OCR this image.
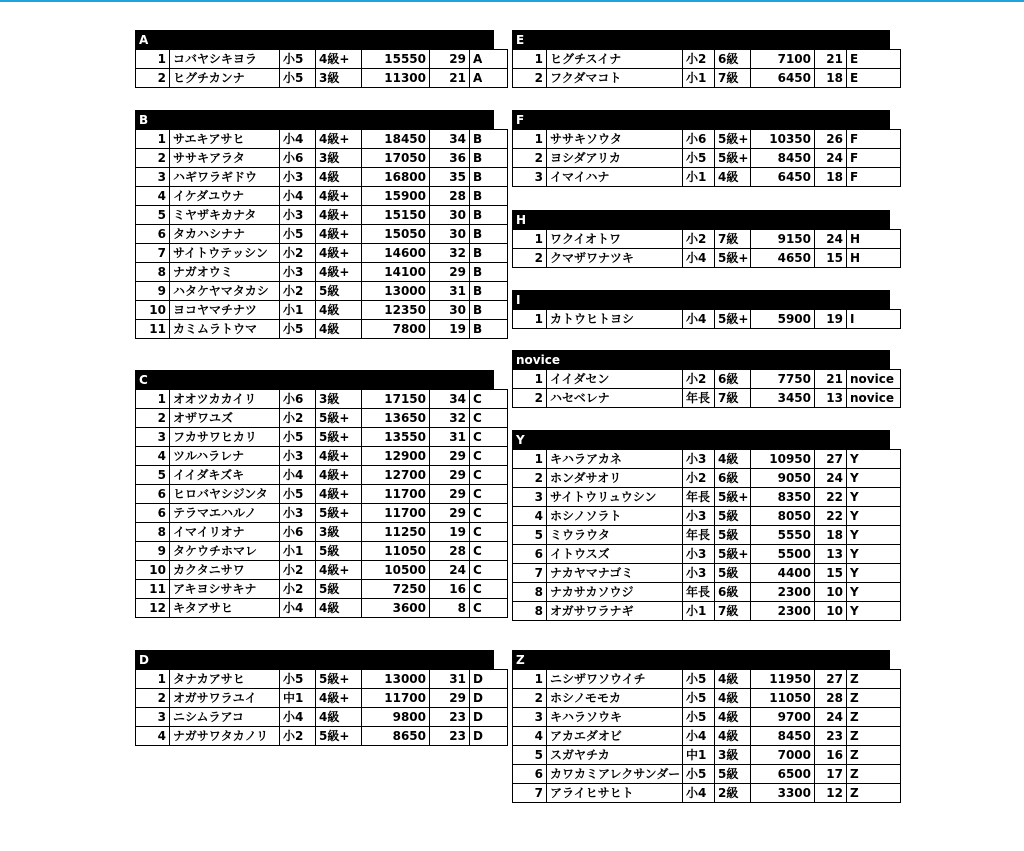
A
1	コバヤシキヨラ	小5	4級+	15550	29	A
2	ヒグチカンナ	小5	3級	11300	21	A
B
1	サエキアサヒ	小4	4級+	18450	34	B
2	ササキアラタ	小6	3級	17050	36	B
3	ハギワラギドウ	小3	4級	16800	35	B
4	イケダユウナ	小4	4級+	15900	28	B
5	ミヤザキカナタ	小3	4級+	15150	30	B
6	タカハシナナ	小5	4級+	15050	30	B
7	サイトウテッシン	小2	4級+	14600	32	B
8	ナガオウミ	小3	4級+	14100	29	B
9	ハタケヤマタカシ	小2	5級	13000	31	B
10	ヨコヤマチナツ	小1	4級	12350	30	B
11	カミムラトウマ	小5	4級	7800	19	B
C
1	オオツカカイリ	小6	3級	17150	34	C
2	オザワユズ	小2	5級+	13650	32	C
3	フカサワヒカリ	小5	5級+	13550	31	C
4	ツルハラレナ	小3	4級+	12900	29	C
5	イイダキズキ	小4	4級+	12700	29	C
6	ヒロバヤシジンタ	小5	4級+	11700	29	C
6	テラマエハルノ	小3	5級+	11700	29	C
8	イマイリオナ	小6	3級	11250	19	C
9	タケウチホマレ	小1	5級	11050	28	C
10	カクタニサワ	小2	4級+	10500	24	C
11	アキヨシサキナ	小2	5級	7250	16	C
12	キタアサヒ	小4	4級	3600	8	C
D
1	タナカアサヒ	小5	5級+	13000	31	D
2	オガサワラユイ	中1	4級+	11700	29	D
3	ニシムラアコ	小4	4級	9800	23	D
4	ナガサワタカノリ	小2	5級+	8650	23	D
E
1	ヒグチスイナ	小2	6級	7100	21	E
2	フクダマコト	小1	7級	6450	18	E
F
1	ササキソウタ	小6	5級+	10350	26	F
2	ヨシダアリカ	小5	5級+	8450	24	F
3	イマイハナ	小1	4級	6450	18	F
H
1	ワクイオトワ	小2	7級	9150	24	H
2	クマザワナツキ	小4	5級+	4650	15	H
I
1	カトウヒトヨシ	小4	5級+	5900	19	I
novice
1	イイダセン	小2	6級	7750	21	novice
2	ハセベレナ	年長	7級	3450	13	novice
Y
1	キハラアカネ	小3	4級	10950	27	Y
2	ホンダサオリ	小2	6級	9050	24	Y
3	サイトウリュウシン	年長	5級+	8350	22	Y
4	ホシノソラト	小3	5級	8050	22	Y
5	ミウラウタ	年長	5級	5550	18	Y
6	イトウスズ	小3	5級+	5500	13	Y
7	ナカヤマナゴミ	小3	5級	4400	15	Y
8	ナカサカソウジ	年長	6級	2300	10	Y
8	オガサワラナギ	小1	7級	2300	10	Y
Z
1	ニシザワソウイチ	小5	4級	11950	27	Z
2	ホシノモモカ	小5	4級	11050	28	Z
3	キハラソウキ	小5	4級	9700	24	Z
4	アカエダオビ	小4	4級	8450	23	Z
5	スガヤチカ	中1	3級	7000	16	Z
6	カワカミアレクサンダー	小5	5級	6500	17	Z
7	アライヒサヒト	小4	2級	3300	12	Z
